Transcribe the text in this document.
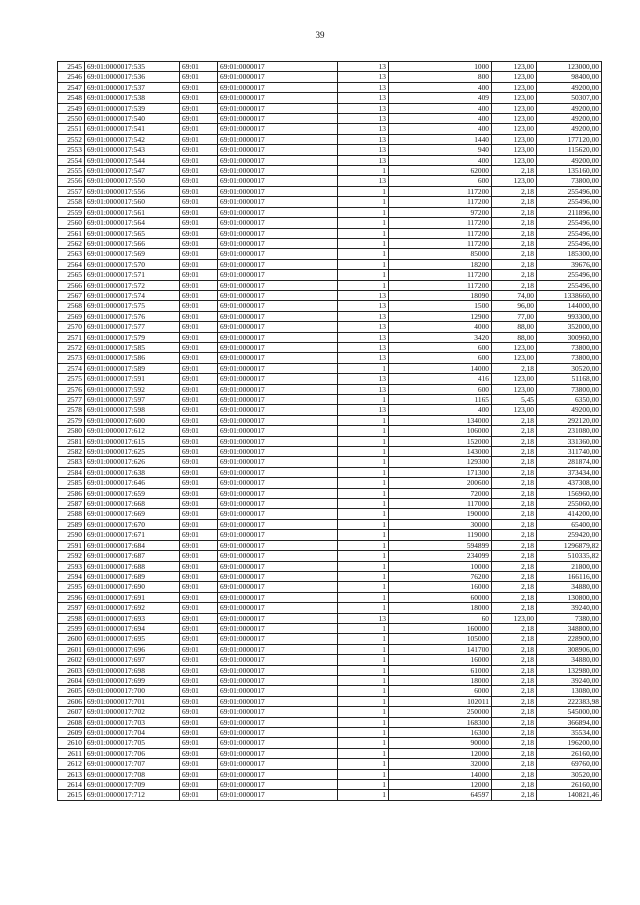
39
2545	69:01:0000017:535	69:01	69:01:0000017	13	1000	123,00	123000,00
2546	69:01:0000017:536	69:01	69:01:0000017	13	800	123,00	98400,00
2547	69:01:0000017:537	69:01	69:01:0000017	13	400	123,00	49200,00
2548	69:01:0000017:538	69:01	69:01:0000017	13	409	123,00	50307,00
2549	69:01:0000017:539	69:01	69:01:0000017	13	400	123,00	49200,00
2550	69:01:0000017:540	69:01	69:01:0000017	13	400	123,00	49200,00
2551	69:01:0000017:541	69:01	69:01:0000017	13	400	123,00	49200,00
2552	69:01:0000017:542	69:01	69:01:0000017	13	1440	123,00	177120,00
2553	69:01:0000017:543	69:01	69:01:0000017	13	940	123,00	115620,00
2554	69:01:0000017:544	69:01	69:01:0000017	13	400	123,00	49200,00
2555	69:01:0000017:547	69:01	69:01:0000017	1	62000	2,18	135160,00
2556	69:01:0000017:550	69:01	69:01:0000017	13	600	123,00	73800,00
2557	69:01:0000017:556	69:01	69:01:0000017	1	117200	2,18	255496,00
2558	69:01:0000017:560	69:01	69:01:0000017	1	117200	2,18	255496,00
2559	69:01:0000017:561	69:01	69:01:0000017	1	97200	2,18	211896,00
2560	69:01:0000017:564	69:01	69:01:0000017	1	117200	2,18	255496,00
2561	69:01:0000017:565	69:01	69:01:0000017	1	117200	2,18	255496,00
2562	69:01:0000017:566	69:01	69:01:0000017	1	117200	2,18	255496,00
2563	69:01:0000017:569	69:01	69:01:0000017	1	85000	2,18	185300,00
2564	69:01:0000017:570	69:01	69:01:0000017	1	18200	2,18	39676,00
2565	69:01:0000017:571	69:01	69:01:0000017	1	117200	2,18	255496,00
2566	69:01:0000017:572	69:01	69:01:0000017	1	117200	2,18	255496,00
2567	69:01:0000017:574	69:01	69:01:0000017	13	18090	74,00	1338660,00
2568	69:01:0000017:575	69:01	69:01:0000017	13	1500	96,00	144000,00
2569	69:01:0000017:576	69:01	69:01:0000017	13	12900	77,00	993300,00
2570	69:01:0000017:577	69:01	69:01:0000017	13	4000	88,00	352000,00
2571	69:01:0000017:579	69:01	69:01:0000017	13	3420	88,00	300960,00
2572	69:01:0000017:585	69:01	69:01:0000017	13	600	123,00	73800,00
2573	69:01:0000017:586	69:01	69:01:0000017	13	600	123,00	73800,00
2574	69:01:0000017:589	69:01	69:01:0000017	1	14000	2,18	30520,00
2575	69:01:0000017:591	69:01	69:01:0000017	13	416	123,00	51168,00
2576	69:01:0000017:592	69:01	69:01:0000017	13	600	123,00	73800,00
2577	69:01:0000017:597	69:01	69:01:0000017	1	1165	5,45	6350,00
2578	69:01:0000017:598	69:01	69:01:0000017	13	400	123,00	49200,00
2579	69:01:0000017:600	69:01	69:01:0000017	1	134000	2,18	292120,00
2580	69:01:0000017:612	69:01	69:01:0000017	1	106000	2,18	231080,00
2581	69:01:0000017:615	69:01	69:01:0000017	1	152000	2,18	331360,00
2582	69:01:0000017:625	69:01	69:01:0000017	1	143000	2,18	311740,00
2583	69:01:0000017:626	69:01	69:01:0000017	1	129300	2,18	281874,00
2584	69:01:0000017:638	69:01	69:01:0000017	1	171300	2,18	373434,00
2585	69:01:0000017:646	69:01	69:01:0000017	1	200600	2,18	437308,00
2586	69:01:0000017:659	69:01	69:01:0000017	1	72000	2,18	156960,00
2587	69:01:0000017:668	69:01	69:01:0000017	1	117000	2,18	255060,00
2588	69:01:0000017:669	69:01	69:01:0000017	1	190000	2,18	414200,00
2589	69:01:0000017:670	69:01	69:01:0000017	1	30000	2,18	65400,00
2590	69:01:0000017:671	69:01	69:01:0000017	1	119000	2,18	259420,00
2591	69:01:0000017:684	69:01	69:01:0000017	1	594899	2,18	1296879,82
2592	69:01:0000017:687	69:01	69:01:0000017	1	234099	2,18	510335,82
2593	69:01:0000017:688	69:01	69:01:0000017	1	10000	2,18	21800,00
2594	69:01:0000017:689	69:01	69:01:0000017	1	76200	2,18	166116,00
2595	69:01:0000017:690	69:01	69:01:0000017	1	16000	2,18	34880,00
2596	69:01:0000017:691	69:01	69:01:0000017	1	60000	2,18	130800,00
2597	69:01:0000017:692	69:01	69:01:0000017	1	18000	2,18	39240,00
2598	69:01:0000017:693	69:01	69:01:0000017	13	60	123,00	7380,00
2599	69:01:0000017:694	69:01	69:01:0000017	1	160000	2,18	348800,00
2600	69:01:0000017:695	69:01	69:01:0000017	1	105000	2,18	228900,00
2601	69:01:0000017:696	69:01	69:01:0000017	1	141700	2,18	308906,00
2602	69:01:0000017:697	69:01	69:01:0000017	1	16000	2,18	34880,00
2603	69:01:0000017:698	69:01	69:01:0000017	1	61000	2,18	132980,00
2604	69:01:0000017:699	69:01	69:01:0000017	1	18000	2,18	39240,00
2605	69:01:0000017:700	69:01	69:01:0000017	1	6000	2,18	13080,00
2606	69:01:0000017:701	69:01	69:01:0000017	1	102011	2,18	222383,98
2607	69:01:0000017:702	69:01	69:01:0000017	1	250000	2,18	545000,00
2608	69:01:0000017:703	69:01	69:01:0000017	1	168300	2,18	366894,00
2609	69:01:0000017:704	69:01	69:01:0000017	1	16300	2,18	35534,00
2610	69:01:0000017:705	69:01	69:01:0000017	1	90000	2,18	196200,00
2611	69:01:0000017:706	69:01	69:01:0000017	1	12000	2,18	26160,00
2612	69:01:0000017:707	69:01	69:01:0000017	1	32000	2,18	69760,00
2613	69:01:0000017:708	69:01	69:01:0000017	1	14000	2,18	30520,00
2614	69:01:0000017:709	69:01	69:01:0000017	1	12000	2,18	26160,00
2615	69:01:0000017:712	69:01	69:01:0000017	1	64597	2,18	140821,46
